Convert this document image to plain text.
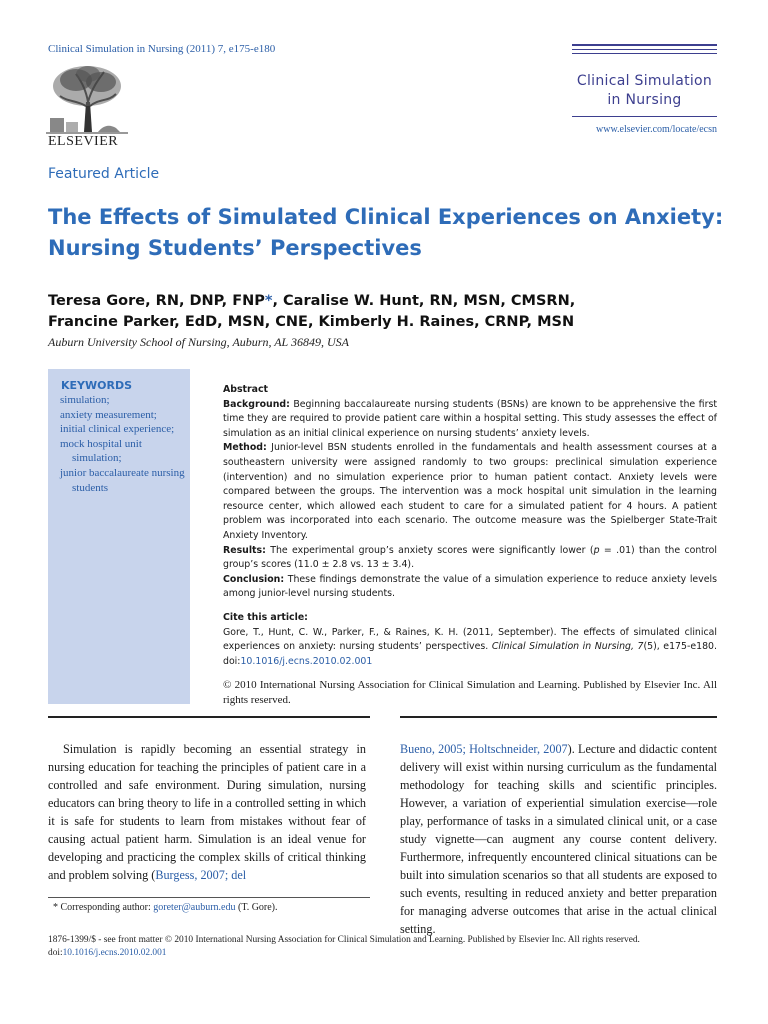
Clinical Simulation in Nursing (2011) 7, e175-e180
ELSEVIER
Clinical Simulation
in Nursing
www.elsevier.com/locate/ecsn
Featured Article
The Effects of Simulated Clinical Experiences on Anxiety:
Nursing Students’ Perspectives
Teresa Gore, RN, DNP, FNP*, Caralise W. Hunt, RN, MSN, CMSRN,
Francine Parker, EdD, MSN, CNE, Kimberly H. Raines, CRNP, MSN
Auburn University School of Nursing, Auburn, AL 36849, USA
KEYWORDS
simulation;
anxiety measurement;
initial clinical experience;
mock hospital unit simulation;
junior baccalaureate nursing students

Abstract

Background: Beginning baccalaureate nursing students (BSNs) are known to be apprehensive the first time they are required to provide patient care within a hospital setting. This study assesses the effect of simulation as an initial clinical experience on nursing students’ anxiety levels.

Method: Junior-level BSN students enrolled in the fundamentals and health assessment courses at a southeastern university were assigned randomly to two groups: preclinical simulation experience (intervention) and no simulation experience prior to human patient contact. Anxiety levels were compared between the groups. The intervention was a mock hospital unit simulation in the learning resource center, which allowed each student to care for a simulated patient for 4 hours. A patient problem was incorporated into each scenario. The outcome measure was the Spielberger State-Trait Anxiety Inventory.

Results: The experimental group’s anxiety scores were significantly lower (p = .01) than the control group’s scores (11.0 ± 2.8 vs. 13 ± 3.4).

Conclusion: These findings demonstrate the value of a simulation experience to reduce anxiety levels among junior-level nursing students.

Cite this article:

Gore, T., Hunt, C. W., Parker, F., & Raines, K. H. (2011, September). The effects of simulated clinical experiences on anxiety: nursing students’ perspectives. Clinical Simulation in Nursing, 7(5), e175-e180. doi:10.1016/j.ecns.2010.02.001

© 2010 International Nursing Association for Clinical Simulation and Learning. Published by Elsevier Inc. All rights reserved.

Simulation is rapidly becoming an essential strategy in nursing education for teaching the principles of patient care in a controlled and safe environment. During simulation, nursing educators can bring theory to life in a controlled setting in which it is safe for students to learn from mistakes without fear of causing actual patient harm. Simulation is an ideal venue for developing and practicing the complex skills of critical thinking and problem solving (Burgess, 2007; del
Bueno, 2005; Holtschneider, 2007). Lecture and didactic content delivery will exist within nursing curriculum as the fundamental methodology for teaching skills and scientific principles. However, a variation of experiential simulation exercise—role play, performance of tasks in a simulated clinical unit, or a case study vignette—can augment any course content delivery. Furthermore, infrequently encountered clinical situations can be built into simulation scenarios so that all students are exposed to such events, resulting in reduced anxiety and better preparation for managing adverse outcomes that arise in the actual clinical setting.
* Corresponding author: goreter@auburn.edu (T. Gore).
1876-1399/$ - see front matter © 2010 International Nursing Association for Clinical Simulation and Learning. Published by Elsevier Inc. All rights reserved.
doi:10.1016/j.ecns.2010.02.001
